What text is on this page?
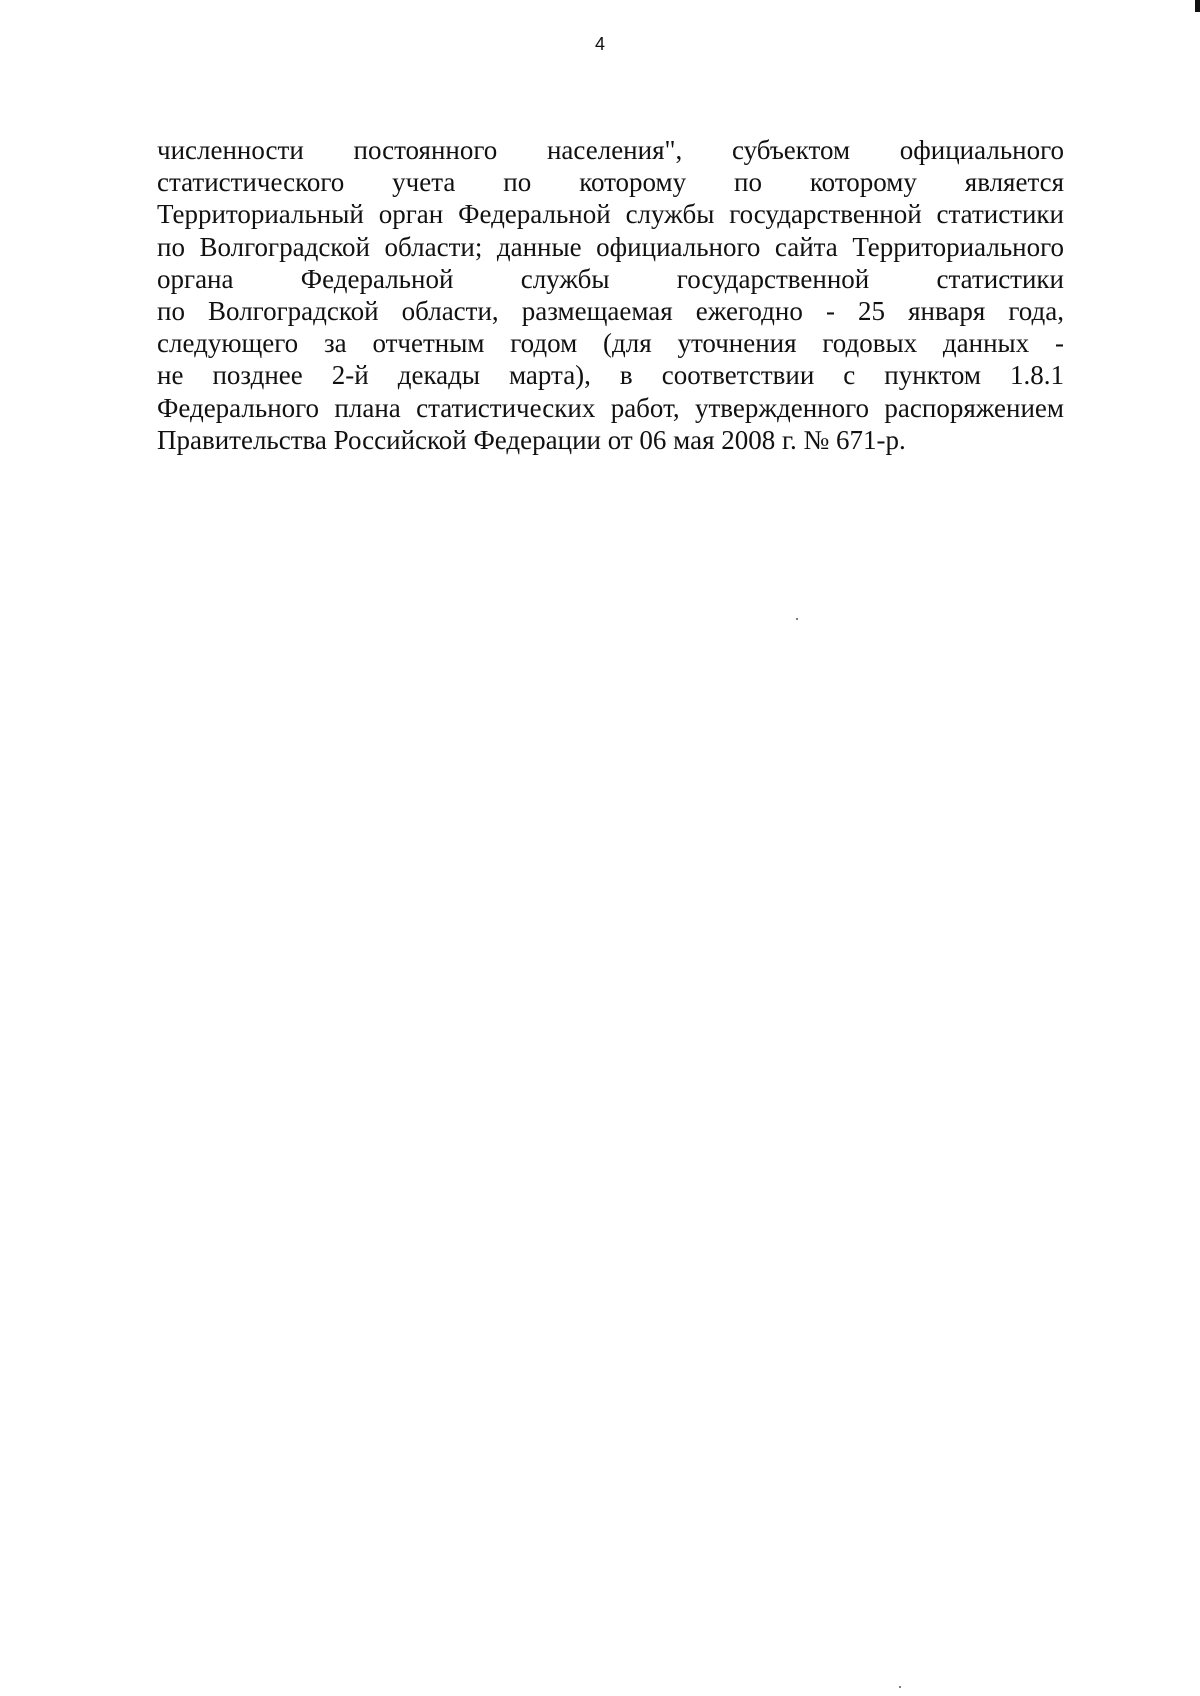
4
численности постоянного населения", субъектом официального
статистического учета по которому по которому является
Территориальный орган Федеральной службы государственной статистики
по Волгоградской области; данные официального сайта Территориального
органа Федеральной службы государственной статистики
по Волгоградской области, размещаемая ежегодно - 25 января года,
следующего за отчетным годом (для уточнения годовых данных -
не позднее 2-й декады марта), в соответствии с пунктом 1.8.1
Федерального плана статистических работ, утвержденного распоряжением
Правительства Российской Федерации от 06 мая 2008 г. № 671-р.
